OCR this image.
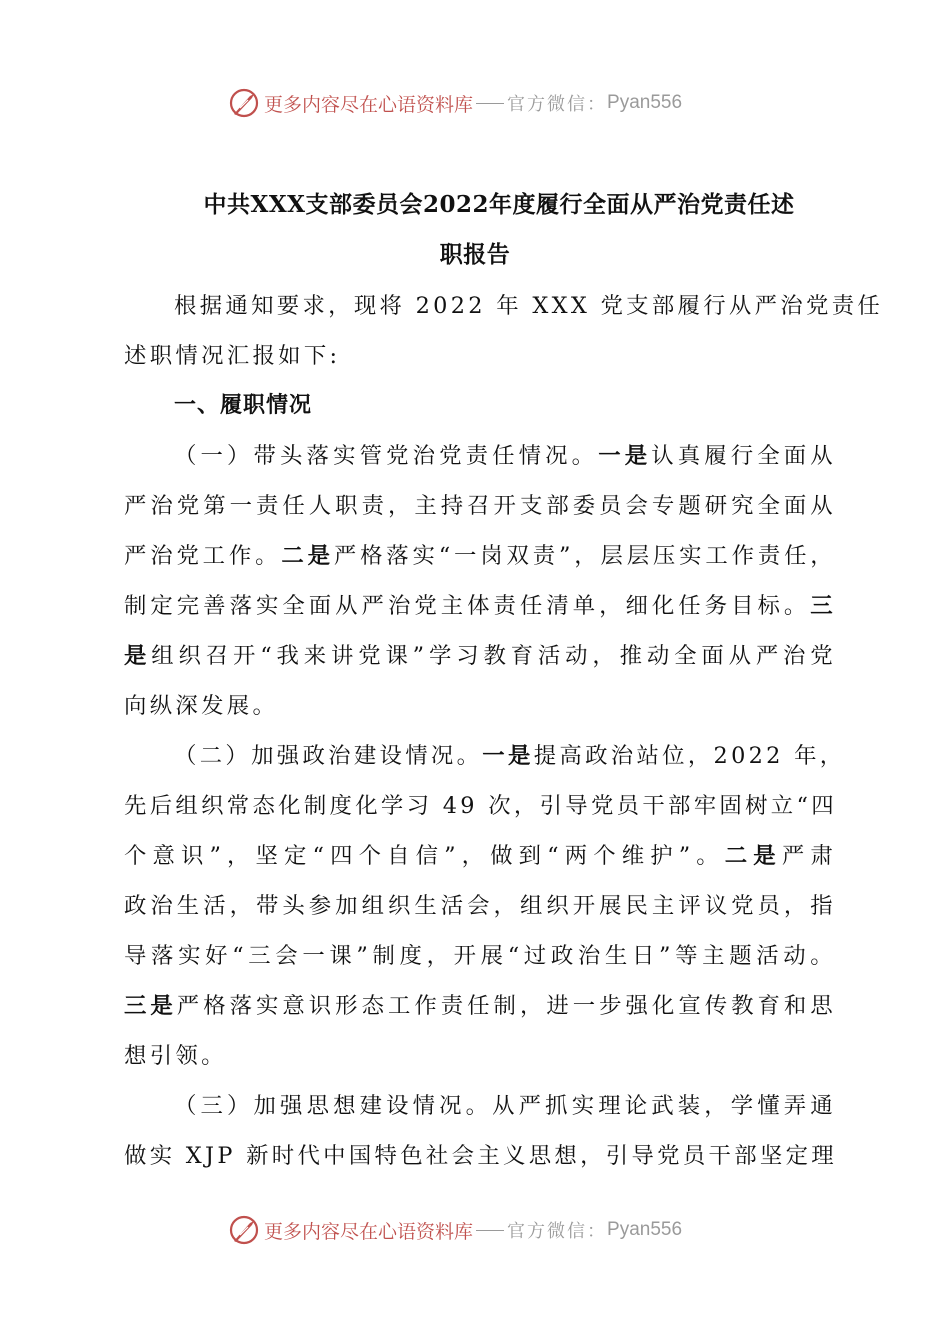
更多内容尽在心语资料库 官方微信： Pyan556
中共XXX支部委员会2022年度履行全面从严治党责任述
职报告
根据通知要求，现将 2022 年 XXX 党支部履行从严治党责任
述职情况汇报如下:
一、履职情况
（一）带头落实管党治党责任情况。一是认真履行全面从
严治党第一责任人职责，主持召开支部委员会专题研究全面从
严治党工作。二是严格落实“一岗双责”，层层压实工作责任，
制定完善落实全面从严治党主体责任清单，细化任务目标。三
是组织召开“我来讲党课”学习教育活动，推动全面从严治党
向纵深发展。
（二）加强政治建设情况。一是提高政治站位，2022 年，
先后组织常态化制度化学习 49 次，引导党员干部牢固树立“四
个意识”，坚定“四个自信”，做到“两个维护”。二是严肃
政治生活，带头参加组织生活会，组织开展民主评议党员，指
导落实好“三会一课”制度，开展“过政治生日”等主题活动。
三是严格落实意识形态工作责任制，进一步强化宣传教育和思
想引领。
（三）加强思想建设情况。从严抓实理论武装，学懂弄通
做实 XJP 新时代中国特色社会主义思想，引导党员干部坚定理
更多内容尽在心语资料库 官方微信： Pyan556
